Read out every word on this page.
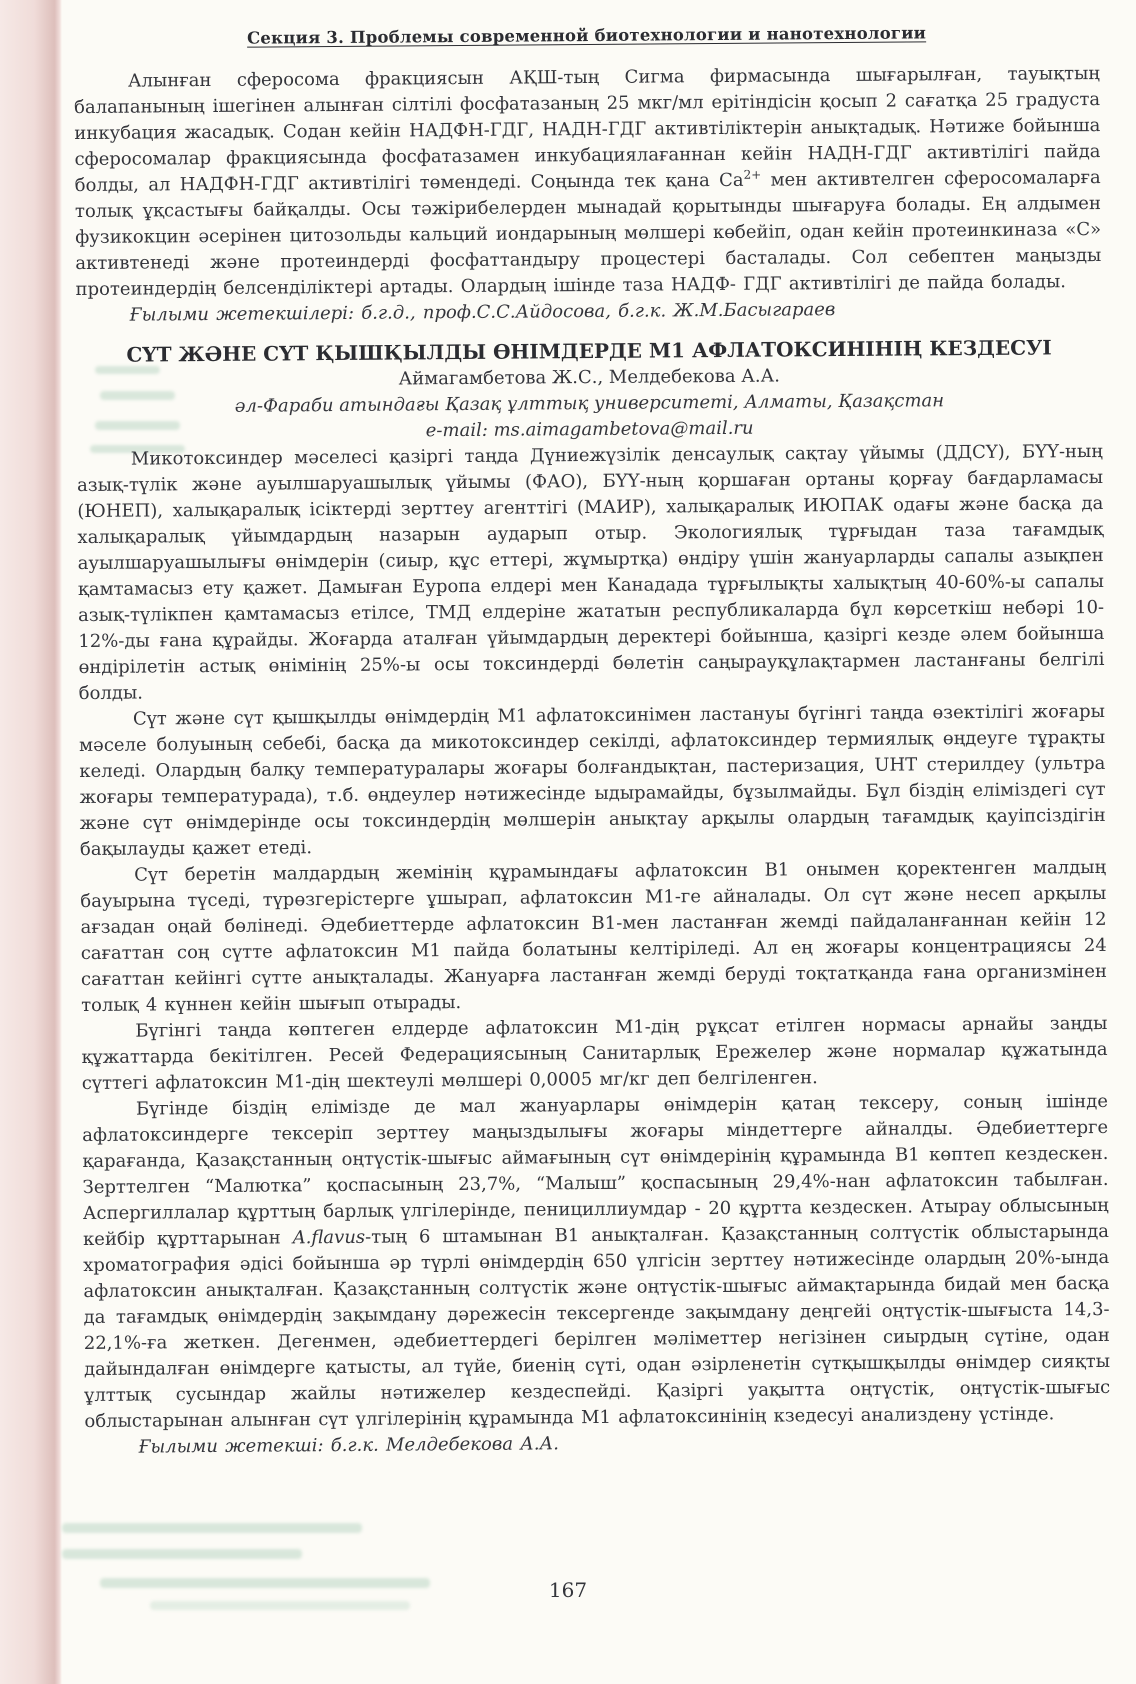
Секция 3. Проблемы современной биотехнологии и нанотехнологии

Алынған сферосома фракциясын АҚШ-тың Сигма фирмасында шығарылған, тауықтың балапанының ішегінен алынған сілтілі фосфатазаның 25 мкг/мл ерітіндісін қосып 2 сағатқа 25 градуста инкубация жасадық. Содан кейін НАДФН-ГДГ, НАДН-ГДГ активтіліктерін анықтадық. Нәтиже бойынша сферосомалар фракциясында фосфатазамен инкубациялағаннан кейін НАДН-ГДГ активтілігі пайда болды, ал НАДФН-ГДГ активтілігі төмендеді. Соңында тек қана $Са^{2+}$ мен активтелген сферосомаларға толық ұқсастығы байқалды. Осы тәжірибелерден мынадай қорытынды шығаруға болады. Ең алдымен фузикокцин әсерінен цитозольды кальций иондарының мөлшері көбейіп, одан кейін протеинкиназа «С» активтенеді және протеиндерді фосфаттандыру процестері басталады. Сол себептен маңызды протеиндердің белсенділіктері артады. Олардың ішінде таза НАДФ- ГДГ активтілігі де пайда болады.

Ғылыми жетекшілері: б.г.д., проф.С.С.Айдосова, б.г.к. Ж.М.Басыгараев

СҮТ ЖӘНЕ СҮТ ҚЫШҚЫЛДЫ ӨНІМДЕРДЕ М1 АФЛАТОКСИНІНІҢ КЕЗДЕСУІ

Аймагамбетова Ж.С., Мелдебекова А.А.

әл-Фараби атындағы Қазақ ұлттық университеті, Алматы, Қазақстан

e-mail: ms.aimagambetova@mail.ru

Микотоксиндер мәселесі қазіргі таңда Дүниежүзілік денсаулық сақтау үйымы (ДДСҮ), БҮҮ-ның азық-түлік және ауылшаруашылық үйымы (ФАО), БҮҮ-ның қоршаған ортаны қорғау бағдарламасы (ЮНЕП), халықаралық ісіктерді зерттеу агенттігі (МАИР), халықаралық ИЮПАК одағы және басқа да халықаралық үйымдардың назарын аударып отыр. Экологиялық тұрғыдан таза тағамдық ауылшаруашылығы өнімдерін (сиыр, құс еттері, жұмыртқа) өндіру үшін жануарларды сапалы азықпен қамтамасыз ету қажет. Дамыған Еуропа елдері мен Канадада тұрғылықты халықтың 40-60%-ы сапалы азық-түлікпен қамтамасыз етілсе, ТМД елдеріне жататын республикаларда бұл көрсеткіш небәрі 10-12%-ды ғана құрайды. Жоғарда аталған үйымдардың деректері бойынша, қазіргі кезде әлем бойынша өндірілетін астық өнімінің 25%-ы осы токсиндерді бөлетін саңырауқұлақтармен ластанғаны белгілі болды.

Сүт және сүт қышқылды өнімдердің М1 афлатоксинімен ластануы бүгінгі таңда өзектілігі жоғары мәселе болуының себебі, басқа да микотоксиндер секілді, афлатоксиндер термиялық өңдеуге тұрақты келеді. Олардың балқу температуралары жоғары болғандықтан, пастеризация, UHT стерилдеу (ультра жоғары температурада), т.б. өңдеулер нәтижесінде ыдырамайды, бұзылмайды. Бұл біздің еліміздегі сүт және сүт өнімдерінде осы токсиндердің мөлшерін анықтау арқылы олардың тағамдық қауіпсіздігін бақылауды қажет етеді.

Сүт беретін малдардың жемінің құрамындағы афлатоксин В1 онымен қоректенген малдың бауырына түседі, түрөзгерістерге ұшырап, афлатоксин М1-ге айналады. Ол сүт және несеп арқылы ағзадан оңай бөлінеді. Әдебиеттерде афлатоксин В1-мен ластанған жемді пайдаланғаннан кейін 12 сағаттан соң сүтте афлатоксин М1 пайда болатыны келтіріледі. Ал ең жоғары концентрациясы 24 сағаттан кейінгі сүтте анықталады. Жануарға ластанған жемді беруді тоқтатқанда ғана организмінен толық 4 күннен кейін шығып отырады.

Бүгінгі таңда көптеген елдерде афлатоксин М1-дің рұқсат етілген нормасы арнайы заңды құжаттарда бекітілген. Ресей Федерациясының Санитарлық Ережелер және нормалар құжатында сүттегі афлатоксин М1-дің шектеулі мөлшері 0,0005 мг/кг деп белгіленген.

Бүгінде біздің елімізде де мал жануарлары өнімдерін қатаң тексеру, соның ішінде афлатоксиндерге тексеріп зерттеу маңыздылығы жоғары міндеттерге айналды. Әдебиеттерге қарағанда, Қазақстанның оңтүстік-шығыс аймағының сүт өнімдерінің құрамында В1 көптеп кездескен. Зерттелген “Малютка” қоспасының 23,7%, “Малыш” қоспасының 29,4%-нан афлатоксин табылған. Аспергиллалар құрттың барлық үлгілерінде, пенициллиумдар - 20 құртта кездескен. Атырау облысының кейбір құрттарынан A.flavus-тың 6 штамынан В1 анықталған. Қазақстанның солтүстік облыстарында хроматография әдісі бойынша әр түрлі өнімдердің 650 үлгісін зерттеу нәтижесінде олардың 20%-ында афлатоксин анықталған. Қазақстанның солтүстік және оңтүстік-шығыс аймақтарында бидай мен басқа да тағамдық өнімдердің зақымдану дәрежесін тексергенде зақымдану деңгейі оңтүстік-шығыста 14,3-22,1%-ға жеткен. Дегенмен, әдебиеттердегі берілген мәліметтер негізінен сиырдың сүтіне, одан дайындалған өнімдерге қатысты, ал түйе, биенің сүті, одан әзірленетін сүтқышқылды өнімдер сияқты ұлттық сусындар жайлы нәтижелер кездеспейді. Қазіргі уақытта оңтүстік, оңтүстік-шығыс облыстарынан алынған сүт үлгілерінің құрамында М1 афлатоксинінің кзедесуі анализдену үстінде.

Ғылыми жетекші: б.г.к. Мелдебекова А.А.

167
